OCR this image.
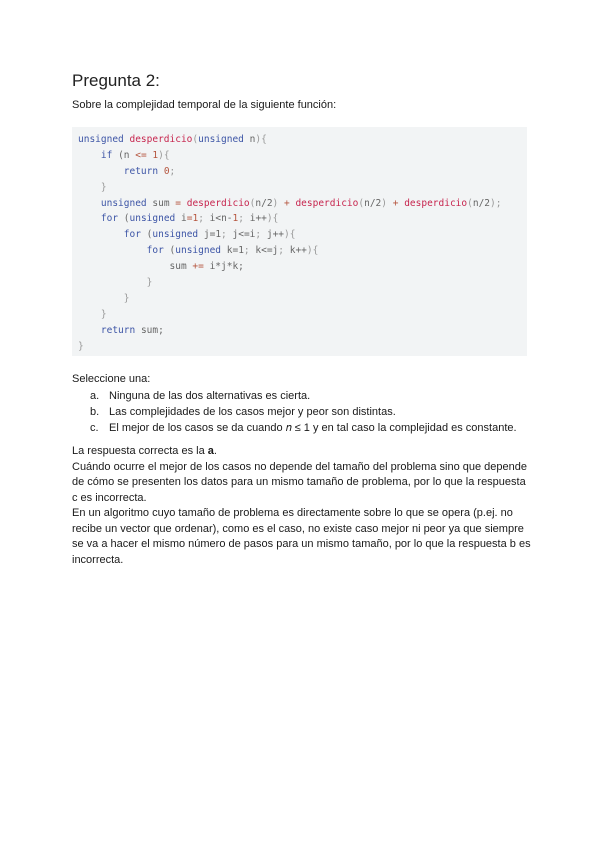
Pregunta 2:
Sobre la complejidad temporal de la siguiente función:
unsigned desperdicio(unsigned n){
if (n <= 1){
return 0;
}
unsigned sum = desperdicio(n/2) + desperdicio(n/2) + desperdicio(n/2);
for (unsigned i=1; i<n-1; i++){
for (unsigned j=1; j<=i; j++){
for (unsigned k=1; k<=j; k++){
sum += i*j*k;
}
}
}
return sum;
}
Seleccione una:
a. Ninguna de las dos alternativas es cierta.
b. Las complejidades de los casos mejor y peor son distintas.
c. El mejor de los casos se da cuando 𝑛 ≤ 1 y en tal caso la complejidad es constante.

La respuesta correcta es la a.

Cuándo ocurre el mejor de los casos no depende del tamaño del problema sino que depende de cómo se presenten los datos para un mismo tamaño de problema, por lo que la respuesta c es incorrecta.

En un algoritmo cuyo tamaño de problema es directamente sobre lo que se opera (p.ej. no recibe un vector que ordenar), como es el caso, no existe caso mejor ni peor ya que siempre se va a hacer el mismo número de pasos para un mismo tamaño, por lo que la respuesta b es incorrecta.
